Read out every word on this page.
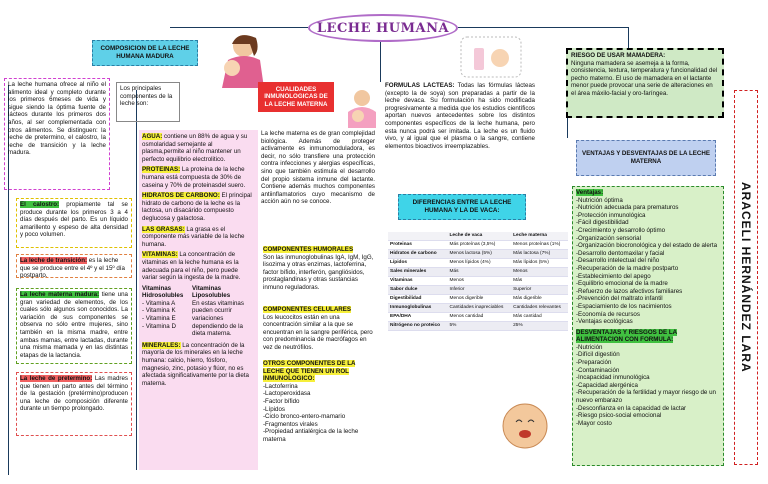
LECHE HUMANA
ARACELI HERNÁNDEZ LARA
La leche humana ofrece al niño el alimento ideal y completo durante los primeros 6meses de vida y sigue siendo la óptima fuente de lácteos durante los primeros dos años, al ser complementada con otros alimentos. Se distinguen: la leche de pretermino, el calostro, la leche de transición y la leche madura.
COMPOSICION DE LA LECHE HUMANA MADURA
Los principales componentes de la leche son:
AGUA: contiene un 88% de agua y su osmolaridad semejante al plasma,permite al niño mantener un perfecto equilibrio electrolitico.
PROTEINAS: La proteina de la leche humana está compuesta de 30% de caseina y 70% de proteinasdel suero.
HIDRATOS DE CARBONO: El principal hidrato de carbono de la leche es la lactosa, un disacárido compuesto deglucosa y galactosa.
LAS GRASAS: La grasa es el componente más variable de la leche humana.
VITAMINAS: La concentración de vitaminas en la leche humana es la adecuada para el niño, pero puede variar según la ingesta de la madre.
Vitaminas Hidrosolubles
- Vitamina A
- Vitamina K
- Vitamina E
- Vitamina D
Vitaminas Liposolubles
En estas vitaminas pueden ocurrir variaciones dependiendo de la dieta materna.
MINERALES: La concentración de la mayoría de los minerales en la leche humana: calcio, hierro, fósforo, magnesio, zinc, potasio y flúor, no es afectada significativamente por la dieta materna.
El calostro: propiamente tal se produce durante los primeros 3 a 4 días después del parto. Es un líquido amarillento y espeso de alta densidad y poco volumen.
La leche de transición: es la leche que se produce entre el 4º y el 15º día postparto.
La leche materna madura: tiene una gran variedad de elementos, de los cuales sólo algunos son conocidos. La variación de sus componentes se observa no sólo entre mujeres, sino también en la misma madre, entre ambas mamas, entre lactadas, durante una misma mamada y en las distintas etapas de la lactancia.
La leche de pretermino: Las madres que tienen un parto antes del término de la gestación (pretérmino)producen una leche de composición diferente durante un tiempo prolongado.
CUALIDADES INMUNOLOGICAS DE LA LECHE MATERNA
La leche materna es de gran complejidad biológica. Además de proteger activamente es inmunomoduladora, es decir, no sólo transfiere una protección contra infecciones y alergias específicas, sino que también estimula el desarrollo del propio sistema inmune del lactante. Contiene además muchos componentes antiinflamatorios cuyo mecanismo de acción aún no se conoce.
COMPONENTES HUMORALES
Son las inmunoglobulinas IgA, IgM, IgG, lisozima y otras enzimas, lactoferrina, factor bífido, interferón, gangliósidos, prostaglandinas y otras sustancias inmuno reguladoras.
COMPONENTES CELULARES
Los leucocitos están en una concentración similar a la que se encuentran en la sangre periférica, pero con predominancia de macrófagos en vez de neutrófilos.
OTROS COMPONENTES DE LA LECHE QUE TIENEN UN ROL INMUNOLOGICO:
-Lactoferrina
-Lactoperoxidasa
-Factor bífido
-Lípidos
-Ciclo bronco-entero-mamario
-Fragmentos virales
-Propiedad antialérgica de la leche materna
FORMULAS LACTEAS: Todas las fórmulas lácteas (excepto la de soya) son preparadas a partir de la leche devaca. Su formulación ha sido modificada progresivamente a medida que los estudios científicos aportan nuevos antecedentes sobre los distintos componentes específicos de la leche humana, pero esta nunca podrá ser imitada. La leche es un fluido vivo, y al igual que el plasma o la sangre, contiene elementos bioactivos irreemplazables.
DIFERENCIAS ENTRE LA LECHE HUMANA Y LA DE VACA:
	Leche de vaca	Leche materna
Proteinas	Más proteínas (3,5%)	Menos proteínas (1%)
Hidratos de carbono	Menos lactosa (5%)	Más lactosa (7%)
Lípidos	Menos lípidos (4%)	Más lípidos (5%)
Sales minerales	Más	Menos
Vitaminas	Menos	Más
Sabor dulce	Inferior	Superior
Digestibilidad	Menos digerible	Más digerible
Inmunoglobulinas	Cantidades inapreciables	Cantidades relevantes
EPA/DHA	Menos cantidad	Más cantidad
Nitrógeno no proteico	5%	25%
RIESGO DE USAR MAMADERA:
Ninguna mamadera se asemeja a la forma, consistencia, textura, temperatura y funcionalidad del pecho materno. El uso de mamadera en el lactante menor puede provocar una serie de alteraciones en el área máxilo-facial y oro-faríngea.
VENTAJAS Y DESVENTAJAS DE LA LECHE MATERNA
Ventajas:
-Nutrición óptima
-Nutrición adecuada para prematuros
-Protección inmunológica
-Fácil digestibilidad
-Crecimiento y desarrollo óptimo
-Organización sensorial
-Organización biocronológica y del estado de alerta
-Desarrollo dentomaxilar y facial
-Desarrollo intelectual del niño
-Recuperación de la madre postparto
-Establecimiento del apego
-Equilibrio emocional de la madre
-Refuerzo de lazos afectivos familiares
-Prevención del maltrato infantil
-Espaciamiento de los nacimientos
-Economía de recursos
-Ventajas ecológicas
DESVENTAJAS Y RIESGOS DE LA ALIMENTACION CON FORMULA:
-Nutrición
-Difícil digestión
-Preparación
-Contaminación
-Incapacidad inmunológica
-Capacidad alergénica
-Recuperación de la fertilidad y mayor riesgo de un nuevo embarazo
-Desconfianza en la capacidad de lactar
-Riesgo psico-social emocional
-Mayor costo
